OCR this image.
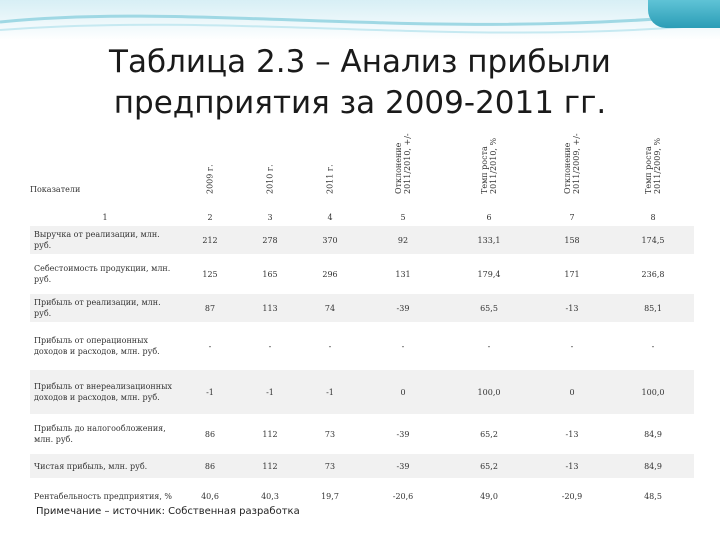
Таблица 2.3 – Анализ прибыли предприятия за 2009-2011 гг.
Показатели	2009 г.	2010 г.	2011 г.	Отклонение 2011/2010, +/-	Темп роста 2011/2010, %	Отклонение 2011/2009, +/-	Темп роста 2011/2009, %

1	2	3	4	5	6	7	8
Выручка от реализации, млн. руб.	212	278	370	92	133,1	158	174,5
Себестоимость продукции, млн. руб.	125	165	296	131	179,4	171	236,8
Прибыль от реализации, млн. руб.	87	113	74	-39	65,5	-13	85,1
Прибыль от операционных доходов и расходов, млн. руб.	-	-	-	-	-	-	-
Прибыль от внереализационных доходов и расходов, млн. руб.	-1	-1	-1	0	100,0	0	100,0
Прибыль до налогообложения, млн. руб.	86	112	73	-39	65,2	-13	84,9
Чистая прибыль, млн. руб.	86	112	73	-39	65,2	-13	84,9
Рентабельность предприятия, %	40,6	40,3	19,7	-20,6	49,0	-20,9	48,5
Примечание – источник: Собственная разработка
